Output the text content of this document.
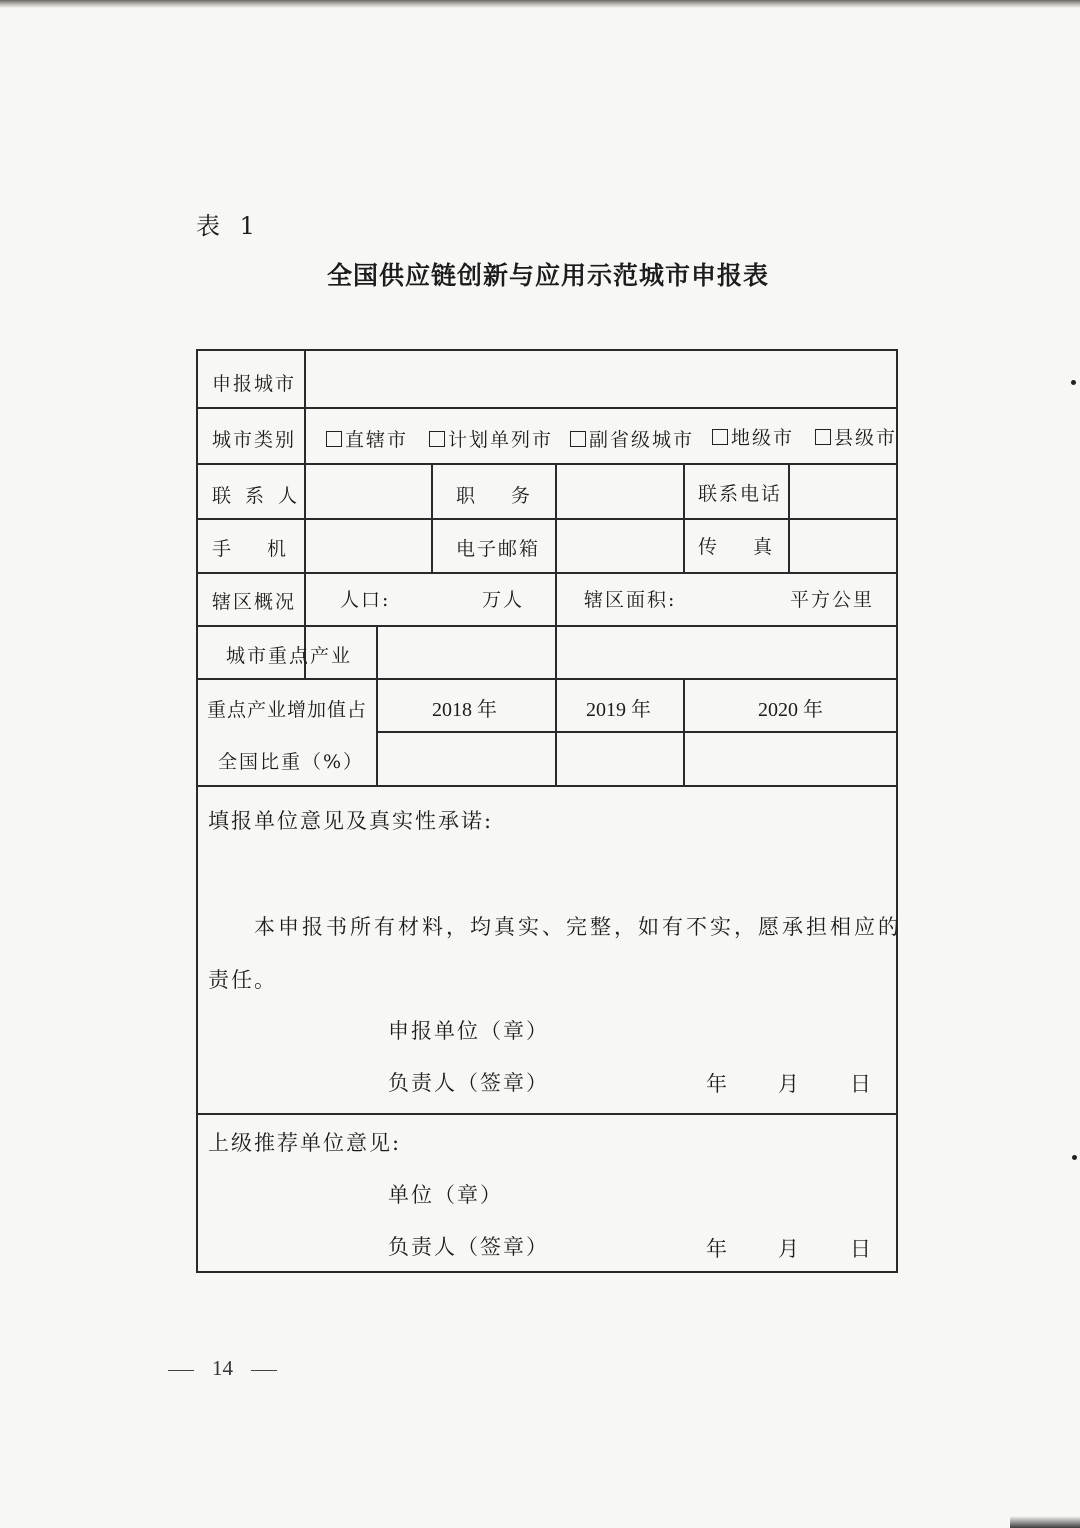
表 1
全国供应链创新与应用示范城市申报表
申报城市
城市类别	直辖市	计划单列市	副省级城市	地级市	县级市
联系人	职务	联系电话
手机	电子邮箱	传真
辖区概况 人口:	万人	辖区面积:	平方公里
城市重点产业
重点产业增加值占
全国比重（%）
2018 年	2019 年	2020 年
填报单位意见及真实性承诺:
本申报书所有材料，均真实、完整，如有不实，愿承担相应的
责任。
申报单位（章）
负责人（签章）	年 月 日
上级推荐单位意见:
单位（章）
负责人（签章）	年 月 日
14
